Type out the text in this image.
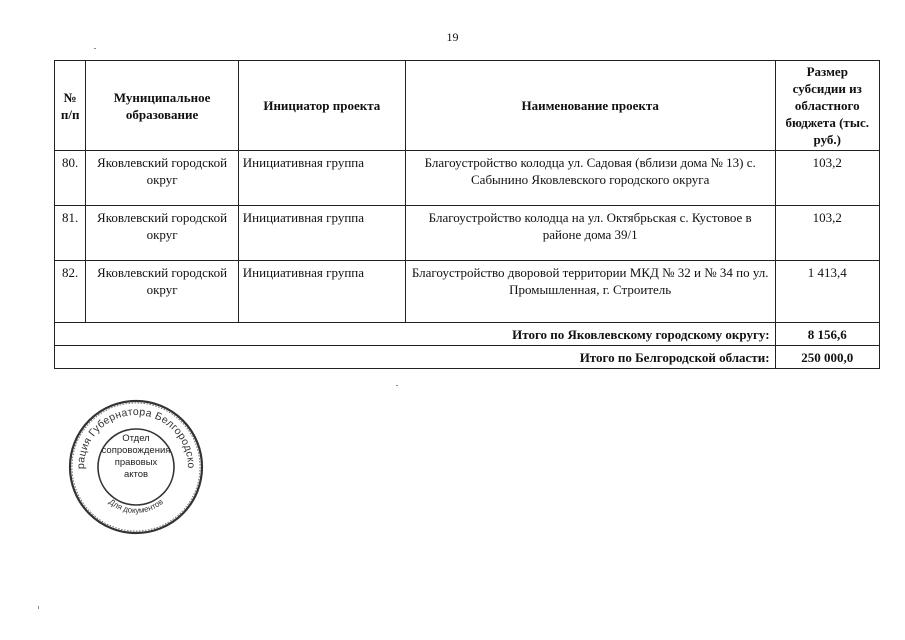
19
№ п/п	Муниципальное образование	Инициатор проекта	Наименование проекта	Размер субсидии из областного бюджета (тыс. руб.)
80.	Яковлевский городской округ	Инициативная группа	Благоустройство колодца ул. Садовая (вблизи дома № 13) с. Сабынино Яковлевского городского округа	103,2
81.	Яковлевский городской округ	Инициативная группа	Благоустройство колодца на ул. Октябрьская с. Кустовое в районе дома 39/1	103,2
82.	Яковлевский городской округ	Инициативная группа	Благоустройство дворовой территории МКД № 32 и № 34 по ул. Промышленная, г. Строитель	1 413,4
Итого по Яковлевскому городскому округу:				8 156,6
Итого по Белгородской области:				250 000,0
рация Губернатора Белгородско
Для документов
Отдел
сопровождения
правовых
актов
